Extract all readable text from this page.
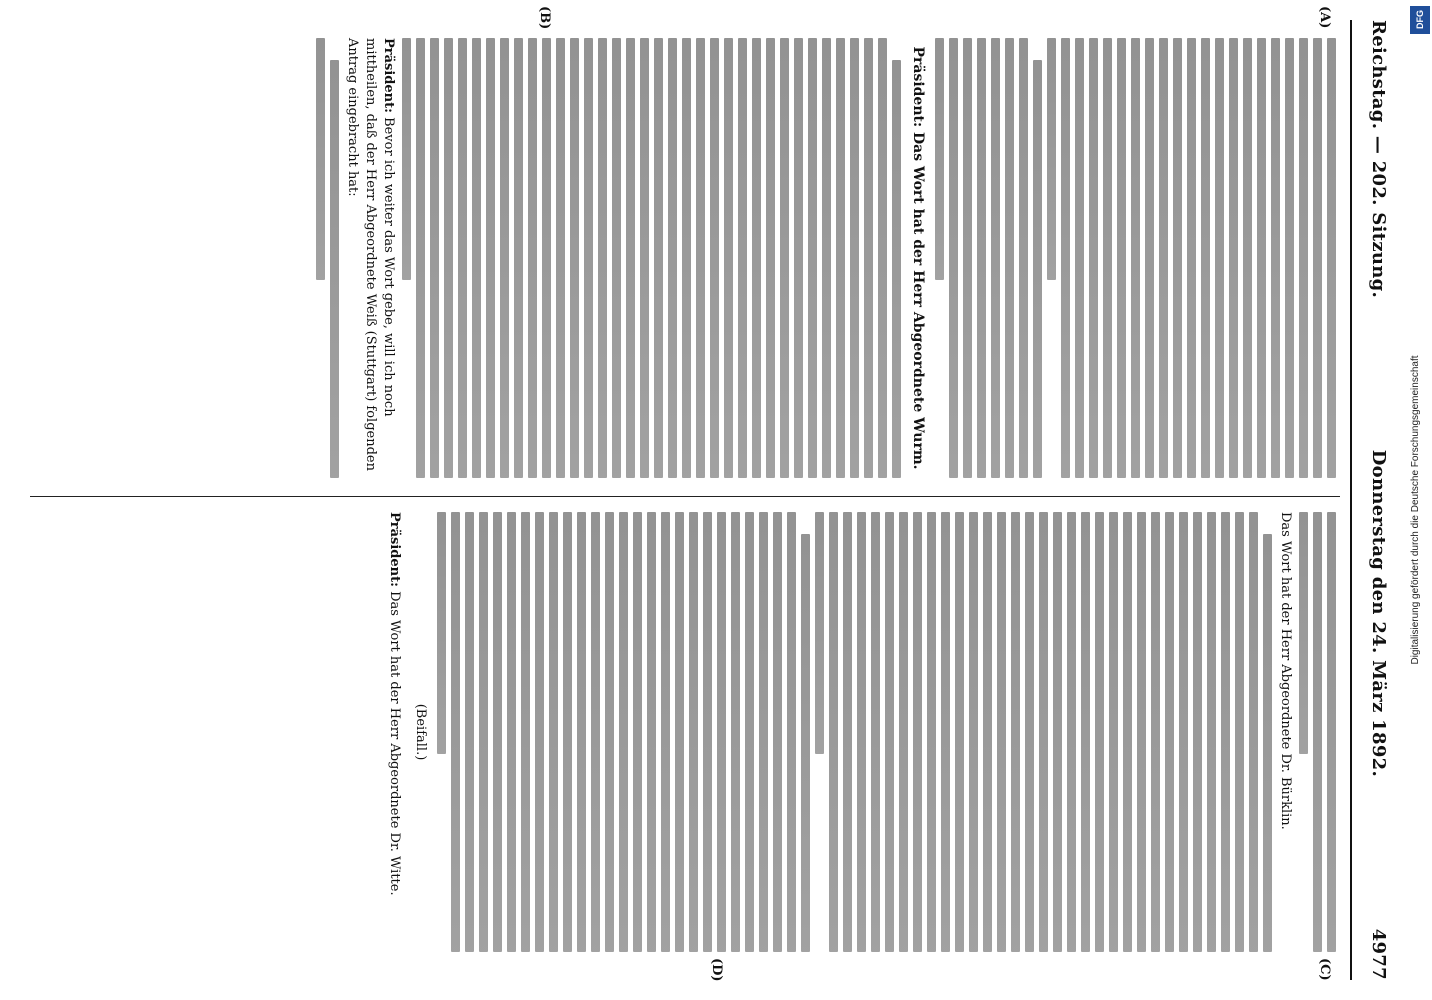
Reichstag. — 202. Sitzung.
Donnerstag den 24. März 1892.
4977
(A)
(B)
(C)
(D)
Präsident: Das Wort hat der Herr Abgeordnete Wurm.

Präsident: Bevor ich weiter das Wort gebe, will ich noch mittheilen, daß der Herr Abgeordnete Weiß (Stuttgart) folgenden Antrag eingebracht hat:

Das Wort hat der Herr Abgeordnete Dr. Bürklin.

(Beifall.)

Präsident: Das Wort hat der Herr Abgeordnete Dr. Witte.

DFG
Digitalisierung gefördert durch die Deutsche Forschungsgemeinschaft
